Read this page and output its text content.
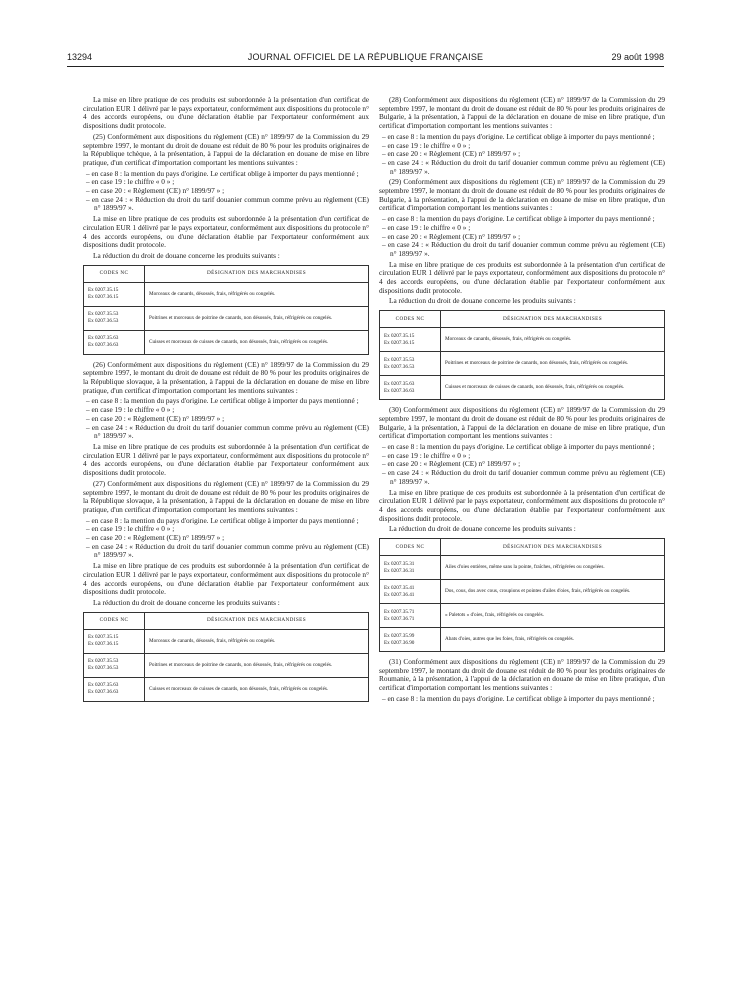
13294	JOURNAL OFFICIEL DE LA RÉPUBLIQUE FRANÇAISE	29 août 1998

La mise en libre pratique de ces produits est subordonnée à la présentation d'un certificat de circulation EUR 1 délivré par le pays exportateur, conformément aux dispositions du protocole n° 4 des accords européens, ou d'une déclaration établie par l'exportateur conformément aux dispositions dudit protocole.

(25) Conformément aux dispositions du règlement (CE) n° 1899/97 de la Commission du 29 septembre 1997, le montant du droit de douane est réduit de 80 % pour les produits originaires de la République tchèque, à la présentation, à l'appui de la déclaration en douane de mise en libre pratique, d'un certificat d'importation comportant les mentions suivantes :

– en case 8 : la mention du pays d'origine. Le certificat oblige à importer du pays mentionné ;
– en case 19 : le chiffre « 0 » ;
– en case 20 : « Règlement (CE) n° 1899/97 » ;
– en case 24 : « Réduction du droit du tarif douanier commun comme prévu au règlement (CE) n° 1899/97 ».

La mise en libre pratique de ces produits est subordonnée à la présentation d'un certificat de circulation EUR 1 délivré par le pays exportateur, conformément aux dispositions du protocole n° 4 des accords européens, ou d'une déclaration établie par l'exportateur conformément aux dispositions dudit protocole.

La réduction du droit de douane concerne les produits suivants :

CODES NC	DÉSIGNATION DES MARCHANDISES
Ex 0207.35.15
Ex 0207.36.15	Morceaux de canards, désossés, frais, réfrigérés ou congelés.
Ex 0207.35.53
Ex 0207.36.53	Poitrines et morceaux de poitrine de canards, non désossés, frais, réfrigérés ou congelés.
Ex 0207.35.63
Ex 0207.36.63	Cuisses et morceaux de cuisses de canards, non désossés, frais, réfrigérés ou congelés.

(26) Conformément aux dispositions du règlement (CE) n° 1899/97 de la Commission du 29 septembre 1997, le montant du droit de douane est réduit de 80 % pour les produits originaires de la République slovaque, à la présentation, à l'appui de la déclaration en douane de mise en libre pratique, d'un certificat d'importation comportant les mentions suivantes :

– en case 8 : la mention du pays d'origine. Le certificat oblige à importer du pays mentionné ;
– en case 19 : le chiffre « 0 » ;
– en case 20 : « Règlement (CE) n° 1899/97 » ;
– en case 24 : « Réduction du droit du tarif douanier commun comme prévu au règlement (CE) n° 1899/97 ».

La mise en libre pratique de ces produits est subordonnée à la présentation d'un certificat de circulation EUR 1 délivré par le pays exportateur, conformément aux dispositions du protocole n° 4 des accords européens, ou d'une déclaration établie par l'exportateur conformément aux dispositions dudit protocole.

(27) Conformément aux dispositions du règlement (CE) n° 1899/97 de la Commission du 29 septembre 1997, le montant du droit de douane est réduit de 80 % pour les produits originaires de la République slovaque, à la présentation, à l'appui de la déclaration en douane de mise en libre pratique, d'un certificat d'importation comportant les mentions suivantes :

– en case 8 : la mention du pays d'origine. Le certificat oblige à importer du pays mentionné ;
– en case 19 : le chiffre « 0 » ;
– en case 20 : « Règlement (CE) n° 1899/97 » ;
– en case 24 : « Réduction du droit du tarif douanier commun comme prévu au règlement (CE) n° 1899/97 ».

La mise en libre pratique de ces produits est subordonnée à la présentation d'un certificat de circulation EUR 1 délivré par le pays exportateur, conformément aux dispositions du protocole n° 4 des accords européens, ou d'une déclaration établie par l'exportateur conformément aux dispositions dudit protocole.

La réduction du droit de douane concerne les produits suivants :

CODES NC	DÉSIGNATION DES MARCHANDISES
Ex 0207.35.15
Ex 0207.36.15	Morceaux de canards, désossés, frais, réfrigérés ou congelés.
Ex 0207.35.53
Ex 0207.36.53	Poitrines et morceaux de poitrine de canards, non désossés, frais, réfrigérés ou congelés.
Ex 0207.35.63
Ex 0207.36.63	Cuisses et morceaux de cuisses de canards, non désossés, frais, réfrigérés ou congelés.

(28) Conformément aux dispositions du règlement (CE) n° 1899/97 de la Commission du 29 septembre 1997, le montant du droit de douane est réduit de 80 % pour les produits originaires de Bulgarie, à la présentation, à l'appui de la déclaration en douane de mise en libre pratique, d'un certificat d'importation comportant les mentions suivantes :

– en case 8 : la mention du pays d'origine. Le certificat oblige à importer du pays mentionné ;
– en case 19 : le chiffre « 0 » ;
– en case 20 : « Règlement (CE) n° 1899/97 » ;
– en case 24 : « Réduction du droit du tarif douanier commun comme prévu au règlement (CE) n° 1899/97 ».

(29) Conformément aux dispositions du règlement (CE) n° 1899/97 de la Commission du 29 septembre 1997, le montant du droit de douane est réduit de 80 % pour les produits originaires de Bulgarie, à la présentation, à l'appui de la déclaration en douane de mise en libre pratique, d'un certificat d'importation comportant les mentions suivantes :

– en case 8 : la mention du pays d'origine. Le certificat oblige à importer du pays mentionné ;
– en case 19 : le chiffre « 0 » ;
– en case 20 : « Règlement (CE) n° 1899/97 » ;
– en case 24 : « Réduction du droit du tarif douanier commun comme prévu au règlement (CE) n° 1899/97 ».

La mise en libre pratique de ces produits est subordonnée à la présentation d'un certificat de circulation EUR 1 délivré par le pays exportateur, conformément aux dispositions du protocole n° 4 des accords européens, ou d'une déclaration établie par l'exportateur conformément aux dispositions dudit protocole.

La réduction du droit de douane concerne les produits suivants :

CODES NC	DÉSIGNATION DES MARCHANDISES
Ex 0207.35.15
Ex 0207.36.15	Morceaux de canards, désossés, frais, réfrigérés ou congelés.
Ex 0207.35.53
Ex 0207.36.53	Poitrines et morceaux de poitrine de canards, non désossés, frais, réfrigérés ou congelés.
Ex 0207.35.63
Ex 0207.36.63	Cuisses et morceaux de cuisses de canards, non désossés, frais, réfrigérés ou congelés.

(30) Conformément aux dispositions du règlement (CE) n° 1899/97 de la Commission du 29 septembre 1997, le montant du droit de douane est réduit de 80 % pour les produits originaires de Bulgarie, à la présentation, à l'appui de la déclaration en douane de mise en libre pratique, d'un certificat d'importation comportant les mentions suivantes :

– en case 8 : la mention du pays d'origine. Le certificat oblige à importer du pays mentionné ;
– en case 19 : le chiffre « 0 » ;
– en case 20 : « Règlement (CE) n° 1899/97 » ;
– en case 24 : « Réduction du droit du tarif douanier commun comme prévu au règlement (CE) n° 1899/97 ».

La mise en libre pratique de ces produits est subordonnée à la présentation d'un certificat de circulation EUR 1 délivré par le pays exportateur, conformément aux dispositions du protocole n° 4 des accords européens, ou d'une déclaration établie par l'exportateur conformément aux dispositions dudit protocole.

La réduction du droit de douane concerne les produits suivants :

CODES NC	DÉSIGNATION DES MARCHANDISES
Ex 0207.35.31
Ex 0207.36.31	Ailes d'oies entières, même sans la pointe, fraîches, réfrigérées ou congelées.
Ex 0207.35.41
Ex 0207.36.41	Dos, cous, dos avec cous, croupions et pointes d'ailes d'oies, frais, réfrigérés ou congelés.
Ex 0207.35.71
Ex 0207.36.71	« Paletots » d'oies, frais, réfrigérés ou congelés.
Ex 0207.35.99
Ex 0207.36.90	Abats d'oies, autres que les foies, frais, réfrigérés ou congelés.

(31) Conformément aux dispositions du règlement (CE) n° 1899/97 de la Commission du 29 septembre 1997, le montant du droit de douane est réduit de 80 % pour les produits originaires de Roumanie, à la présentation, à l'appui de la déclaration en douane de mise en libre pratique, d'un certificat d'importation comportant les mentions suivantes :

– en case 8 : la mention du pays d'origine. Le certificat oblige à importer du pays mentionné ;
